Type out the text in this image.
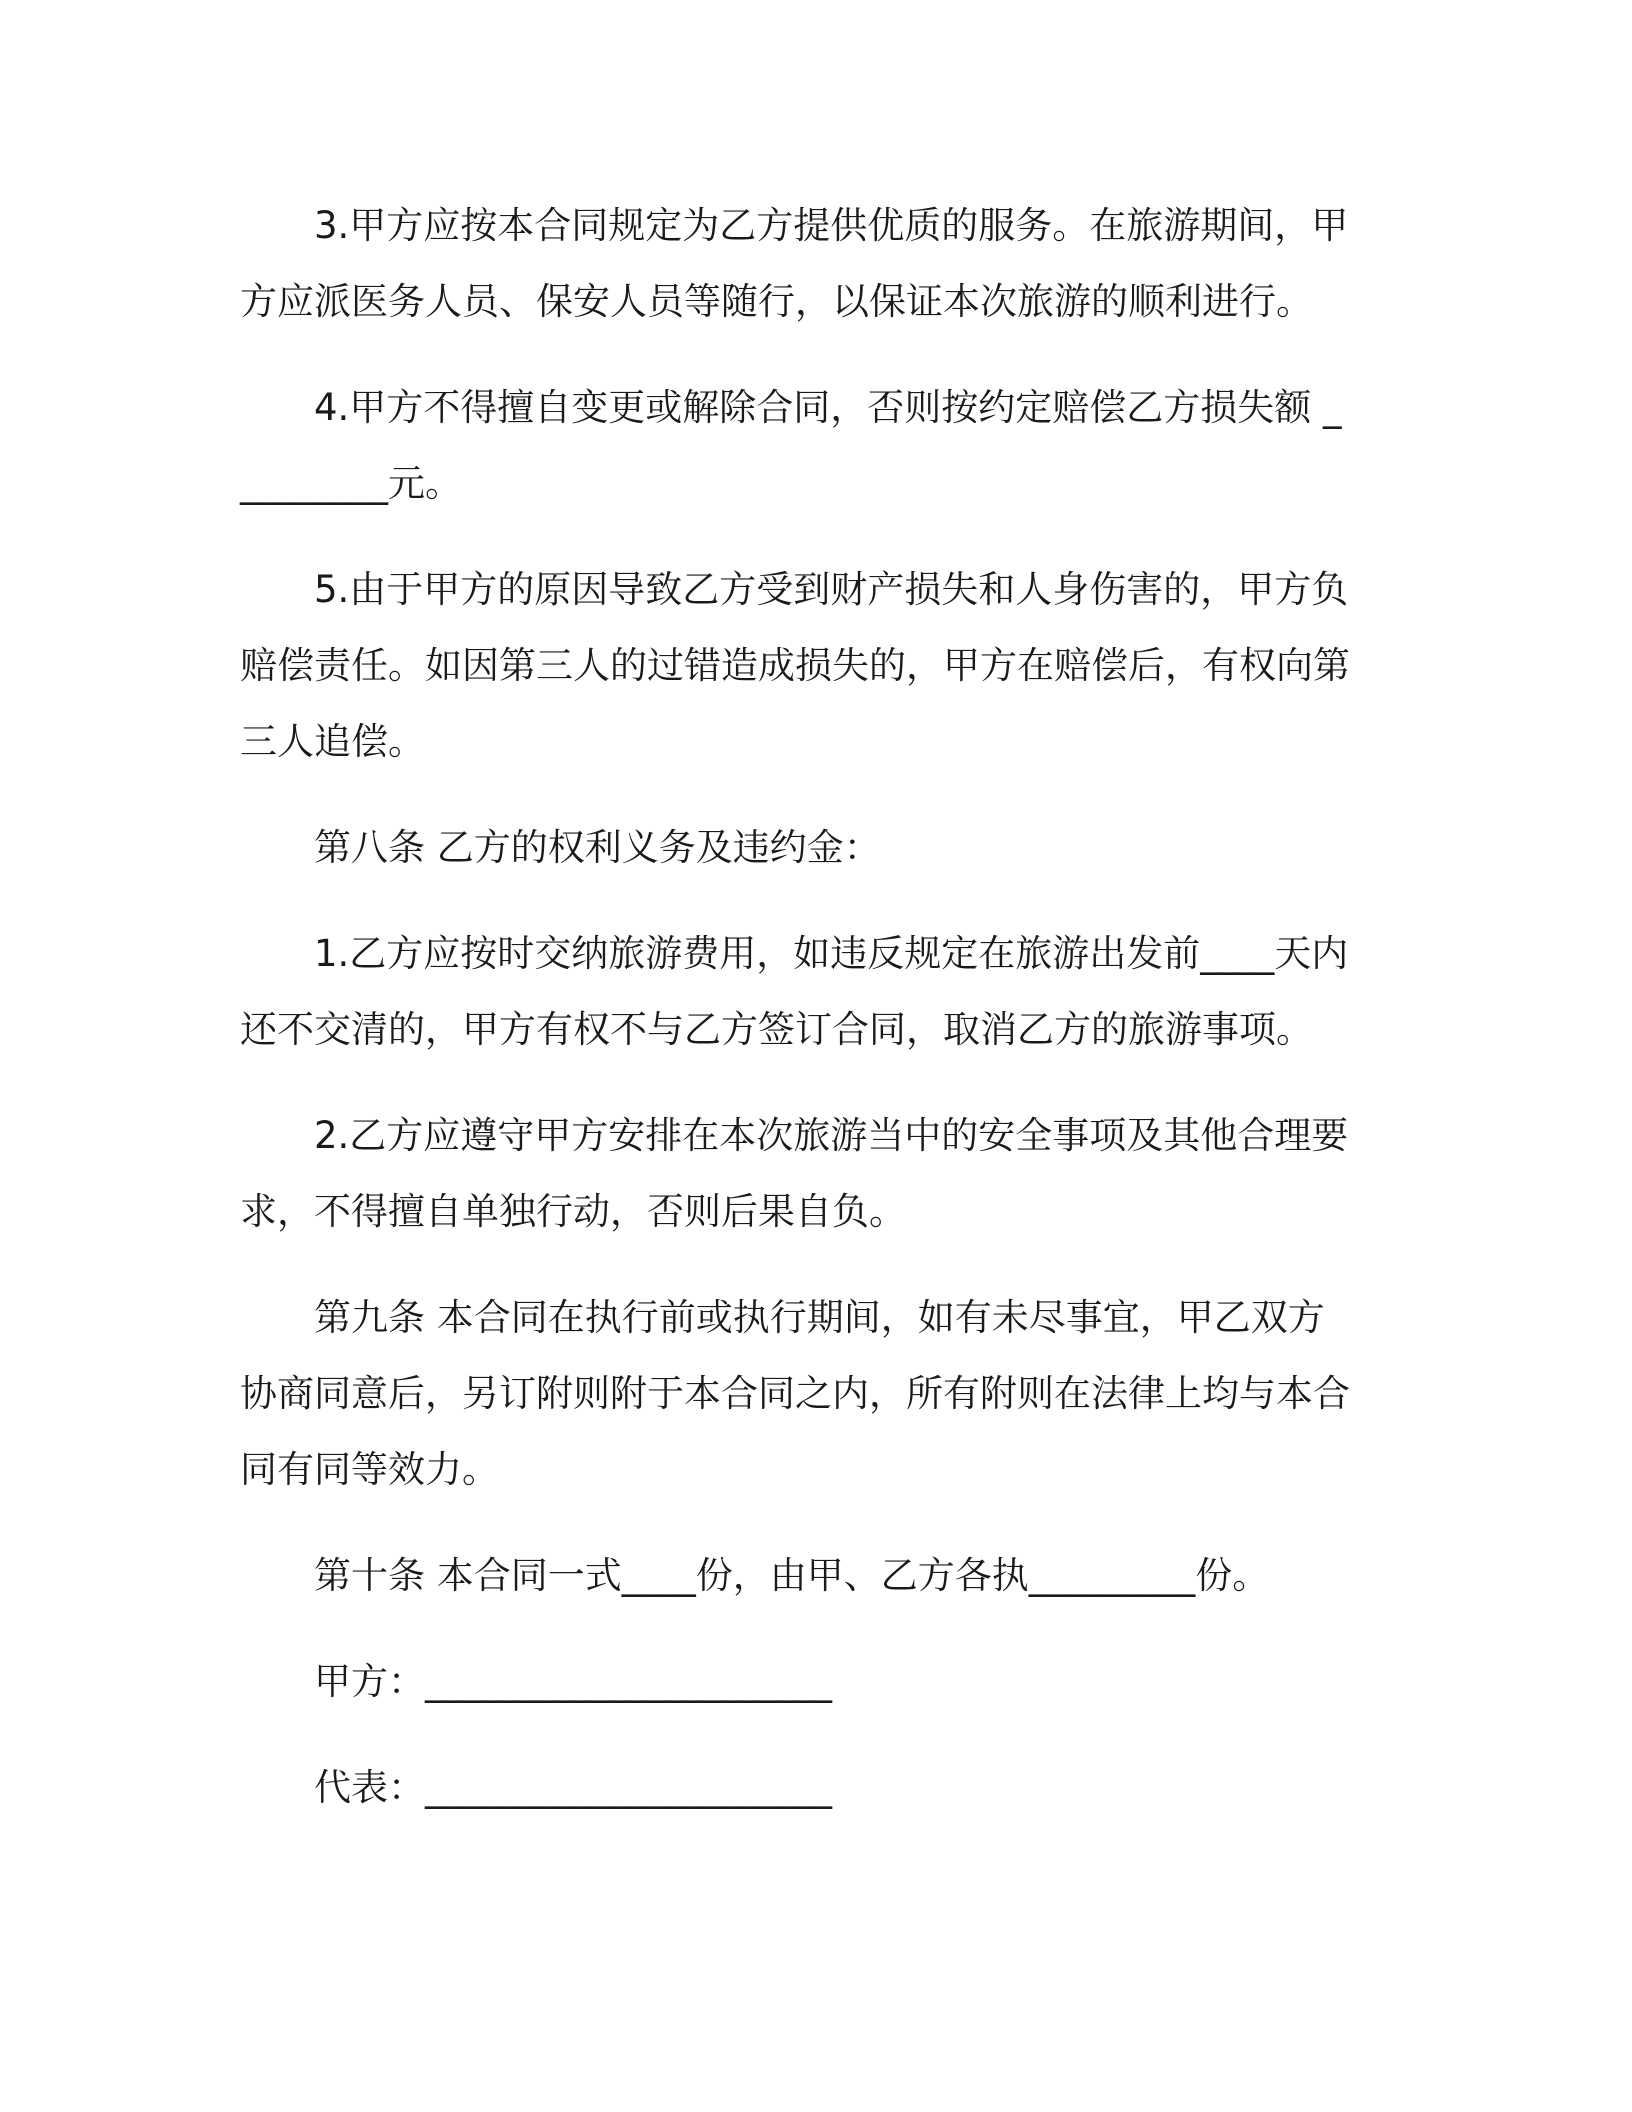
3.甲方应按本合同规定为乙方提供优质的服务。在旅游期间，甲方应派医务人员、保安人员等随行，以保证本次旅游的顺利进行。

4.甲方不得擅自变更或解除合同，否则按约定赔偿乙方损失额 _________元。

5.由于甲方的原因导致乙方受到财产损失和人身伤害的，甲方负赔偿责任。如因第三人的过错造成损失的，甲方在赔偿后，有权向第三人追偿。

第八条 乙方的权利义务及违约金：

1.乙方应按时交纳旅游费用，如违反规定在旅游出发前____天内还不交清的，甲方有权不与乙方签订合同，取消乙方的旅游事项。

2.乙方应遵守甲方安排在本次旅游当中的安全事项及其他合理要求，不得擅自单独行动，否则后果自负。

第九条 本合同在执行前或执行期间，如有未尽事宜，甲乙双方协商同意后，另订附则附于本合同之内，所有附则在法律上均与本合同有同等效力。

第十条 本合同一式____份，由甲、乙方各执_________份。

甲方：______________________

代表：______________________
